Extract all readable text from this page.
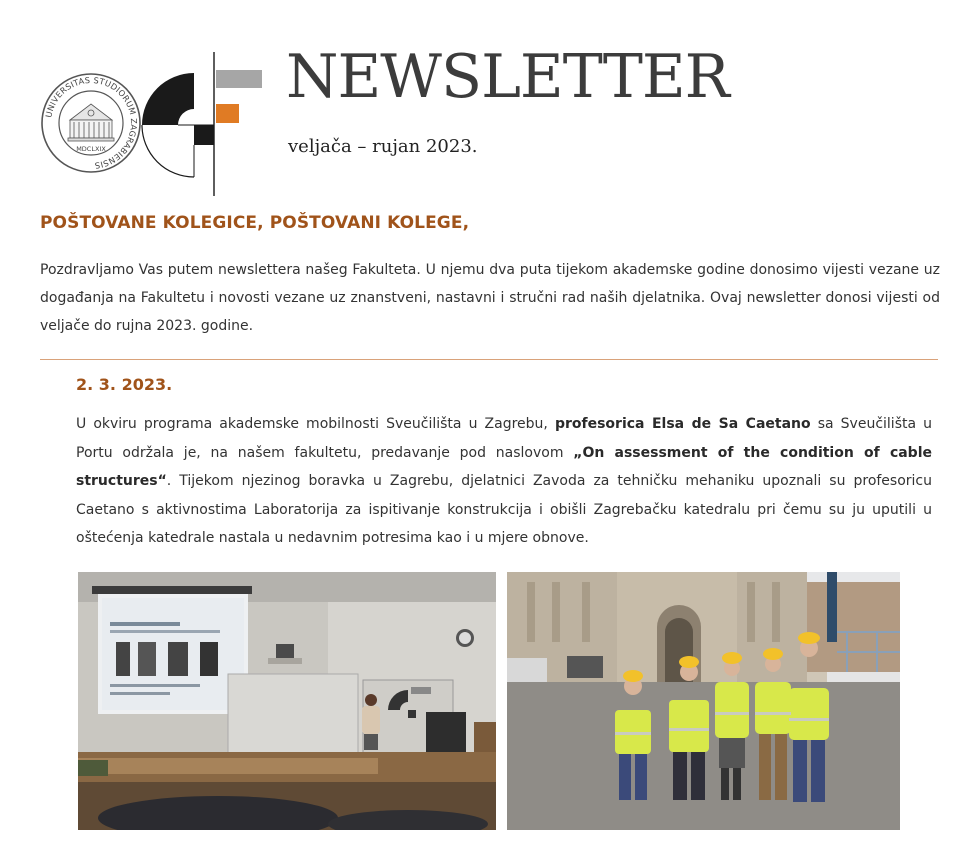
UNIVERSITAS STUDIORUM ZAGRABIENSIS
MDCLXIX
NEWSLETTER
veljača – rujan 2023.
POŠTOVANE KOLEGICE, POŠTOVANI KOLEGE,

Pozdravljamo Vas putem newslettera našeg Fakulteta. U njemu dva puta tijekom akademske godine donosimo vijesti vezane uz događanja na Fakultetu i novosti vezane uz znanstveni, nastavni i stručni rad naših djelatnika. Ovaj newsletter donosi vijesti od veljače do rujna 2023. godine.

2. 3. 2023.

U okviru programa akademske mobilnosti Sveučilišta u Zagrebu, profesorica Elsa de Sa Caetano sa Sveučilišta u Portu održala je, na našem fakultetu, predavanje pod naslovom „On assessment of the condition of cable structures“. Tijekom njezinog boravka u Zagrebu, djelatnici Zavoda za tehničku mehaniku upoznali su profesoricu Caetano s aktivnostima Laboratorija za ispitivanje konstrukcija i obišli Zagrebačku katedralu pri čemu su ju uputili u oštećenja katedrale nastala u nedavnim potresima kao i u mjere obnove.
